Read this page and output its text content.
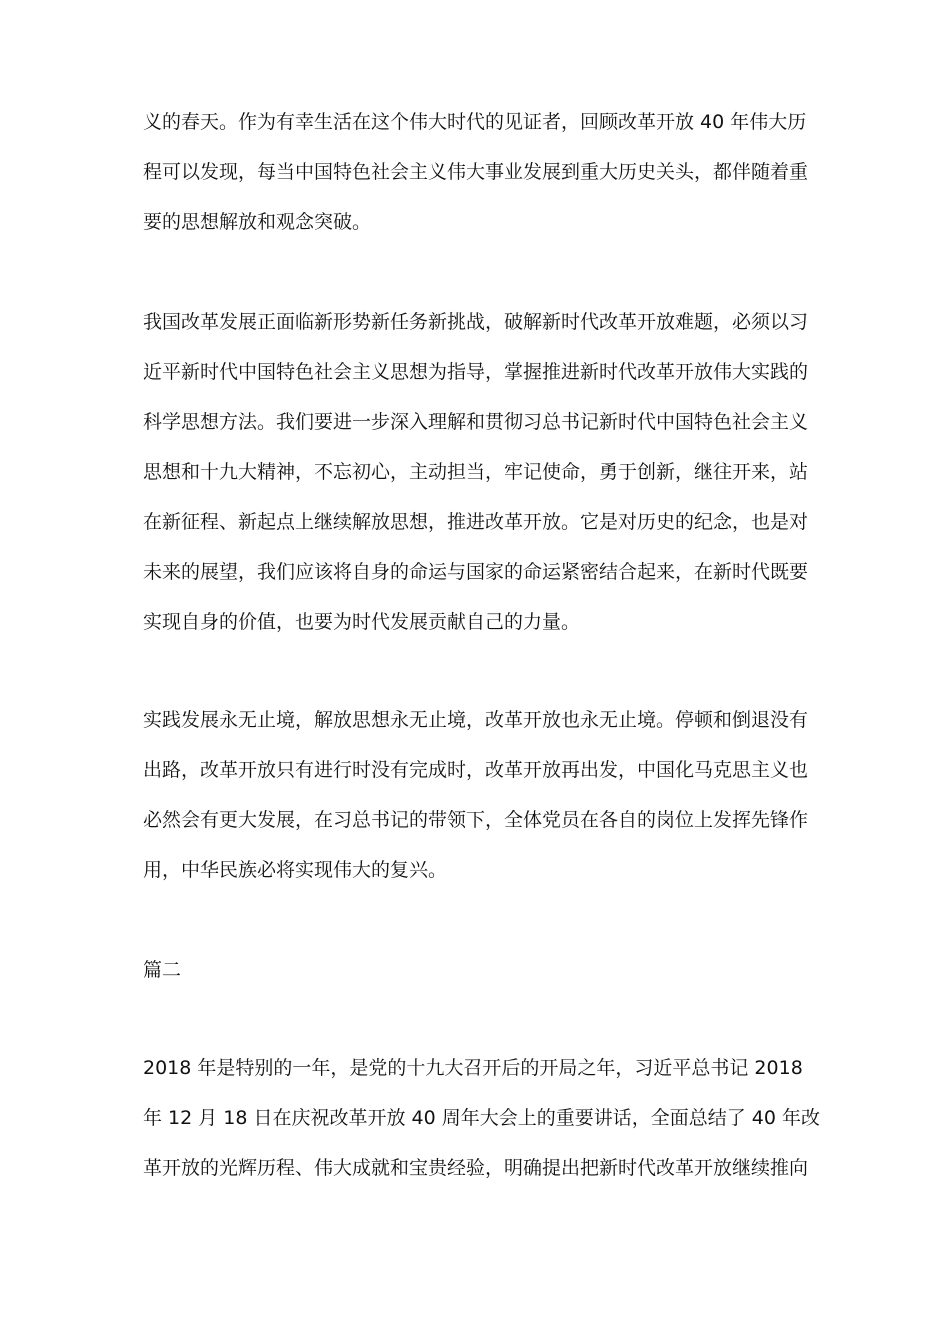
义的春天。作为有幸生活在这个伟大时代的见证者，回顾改革开放 40 年伟大历
程可以发现，每当中国特色社会主义伟大事业发展到重大历史关头，都伴随着重
要的思想解放和观念突破。
我国改革发展正面临新形势新任务新挑战，破解新时代改革开放难题，必须以习
近平新时代中国特色社会主义思想为指导，掌握推进新时代改革开放伟大实践的
科学思想方法。我们要进一步深入理解和贯彻习总书记新时代中国特色社会主义
思想和十九大精神，不忘初心，主动担当，牢记使命，勇于创新，继往开来，站
在新征程、新起点上继续解放思想，推进改革开放。它是对历史的纪念，也是对
未来的展望，我们应该将自身的命运与国家的命运紧密结合起来，在新时代既要
实现自身的价值，也要为时代发展贡献自己的力量。
实践发展永无止境，解放思想永无止境，改革开放也永无止境。停顿和倒退没有
出路，改革开放只有进行时没有完成时，改革开放再出发，中国化马克思主义也
必然会有更大发展，在习总书记的带领下，全体党员在各自的岗位上发挥先锋作
用，中华民族必将实现伟大的复兴。
篇二
2018 年是特别的一年，是党的十九大召开后的开局之年，习近平总书记 2018
年 12 月 18 日在庆祝改革开放 40 周年大会上的重要讲话，全面总结了 40 年改
革开放的光辉历程、伟大成就和宝贵经验，明确提出把新时代改革开放继续推向
